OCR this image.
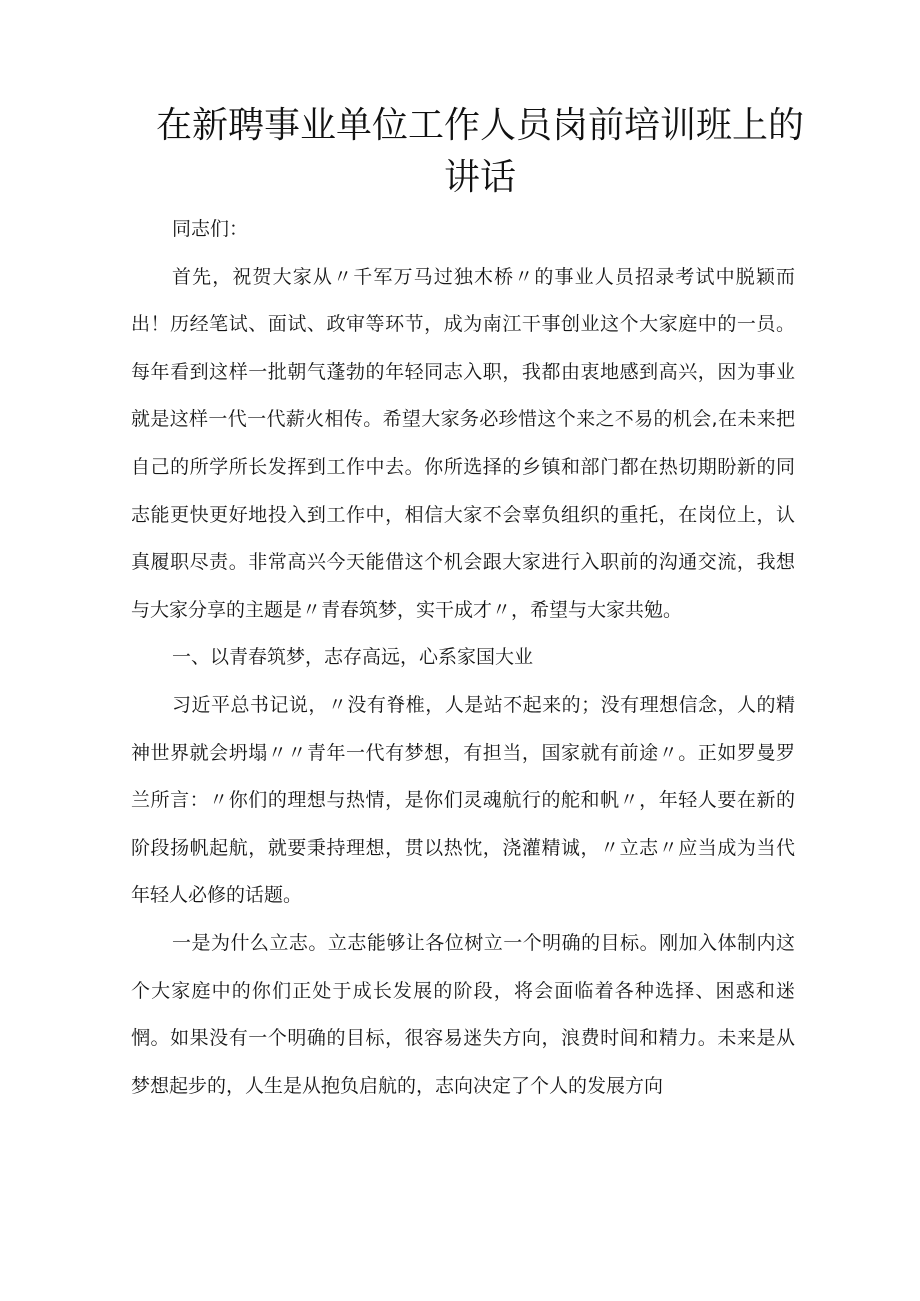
在新聘事业单位工作人员岗前培训班上的
讲话

同志们：

首先，祝贺大家从〃千军万马过独木桥〃的事业人员招录考试中脱颖而出！历经笔试、面试、政审等环节，成为南江干事创业这个大家庭中的一员。每年看到这样一批朝气蓬勃的年轻同志入职，我都由衷地感到高兴，因为事业就是这样一代一代薪火相传。希望大家务必珍惜这个来之不易的机会,在未来把自己的所学所长发挥到工作中去。你所选择的乡镇和部门都在热切期盼新的同志能更快更好地投入到工作中，相信大家不会辜负组织的重托，在岗位上，认真履职尽责。非常高兴今天能借这个机会跟大家进行入职前的沟通交流，我想与大家分享的主题是〃青春筑梦，实干成才〃，希望与大家共勉。

一、以青春筑梦，志存高远，心系家国大业

习近平总书记说，〃没有脊椎，人是站不起来的；没有理想信念，人的精神世界就会坍塌〃〃青年一代有梦想，有担当，国家就有前途〃。正如罗曼罗兰所言：〃你们的理想与热情，是你们灵魂航行的舵和帆〃，年轻人要在新的阶段扬帆起航，就要秉持理想，贯以热忱，浇灌精诚，〃立志〃应当成为当代年轻人必修的话题。

一是为什么立志。立志能够让各位树立一个明确的目标。刚加入体制内这个大家庭中的你们正处于成长发展的阶段，将会面临着各种选择、困惑和迷惘。如果没有一个明确的目标，很容易迷失方向，浪费时间和精力。未来是从梦想起步的，人生是从抱负启航的，志向决定了个人的发展方向
